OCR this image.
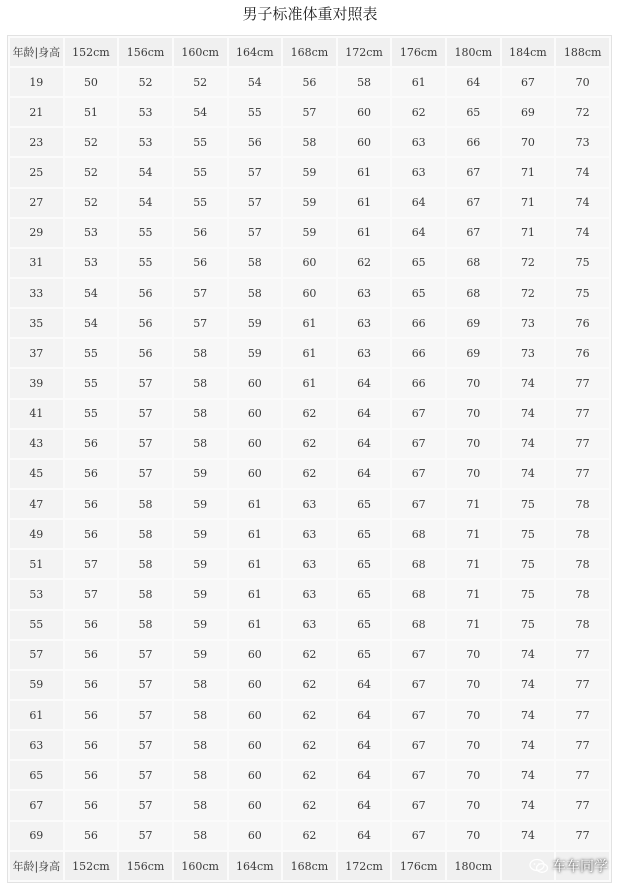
男子标准体重对照表
年龄|身高	152cm	156cm	160cm	164cm	168cm	172cm	176cm	180cm	184cm	188cm
19	50	52	52	54	56	58	61	64	67	70
21	51	53	54	55	57	60	62	65	69	72
23	52	53	55	56	58	60	63	66	70	73
25	52	54	55	57	59	61	63	67	71	74
27	52	54	55	57	59	61	64	67	71	74
29	53	55	56	57	59	61	64	67	71	74
31	53	55	56	58	60	62	65	68	72	75
33	54	56	57	58	60	63	65	68	72	75
35	54	56	57	59	61	63	66	69	73	76
37	55	56	58	59	61	63	66	69	73	76
39	55	57	58	60	61	64	66	70	74	77
41	55	57	58	60	62	64	67	70	74	77
43	56	57	58	60	62	64	67	70	74	77
45	56	57	59	60	62	64	67	70	74	77
47	56	58	59	61	63	65	67	71	75	78
49	56	58	59	61	63	65	68	71	75	78
51	57	58	59	61	63	65	68	71	75	78
53	57	58	59	61	63	65	68	71	75	78
55	56	58	59	61	63	65	68	71	75	78
57	56	57	59	60	62	65	67	70	74	77
59	56	57	58	60	62	64	67	70	74	77
61	56	57	58	60	62	64	67	70	74	77
63	56	57	58	60	62	64	67	70	74	77
65	56	57	58	60	62	64	67	70	74	77
67	56	57	58	60	62	64	67	70	74	77
69	56	57	58	60	62	64	67	70	74	77
年龄|身高	152cm	156cm	160cm	164cm	168cm	172cm	176cm	180cm			车车同学
